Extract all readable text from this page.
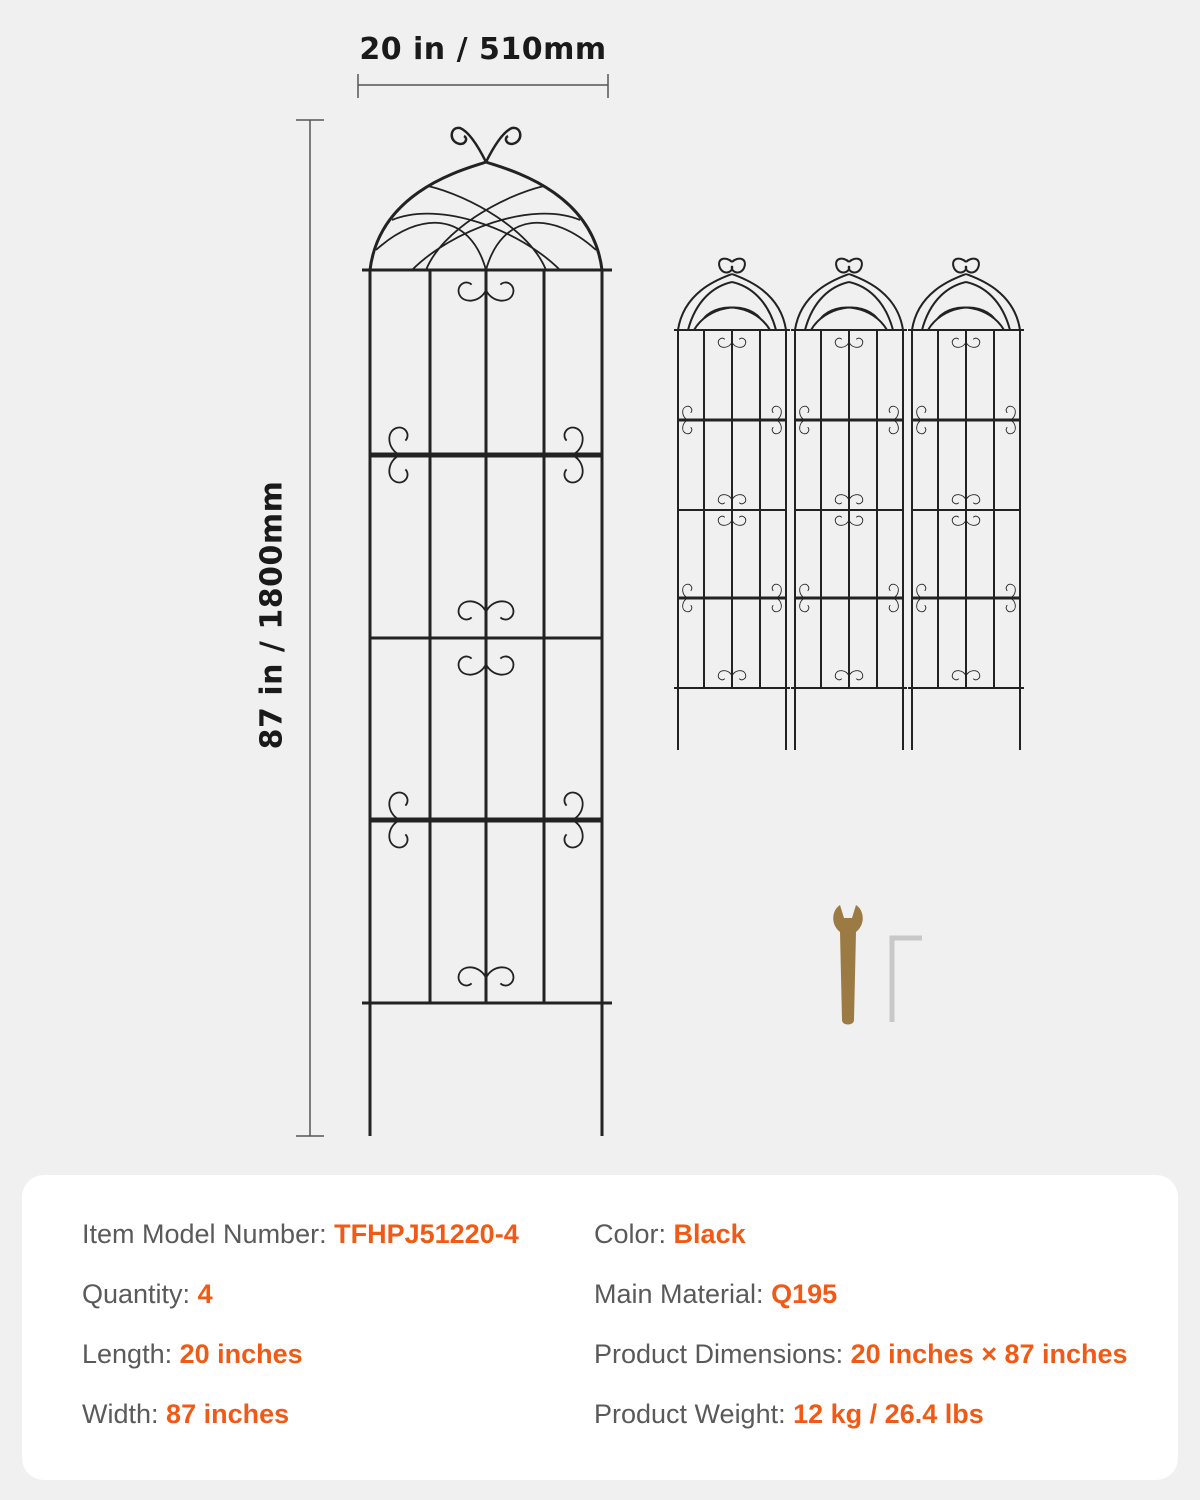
20 in / 510mm
87 in / 1800mm
Item Model Number: TFHPJ51220-4
Quantity: 4
Length: 20 inches
Width: 87 inches
Color: Black
Main Material: Q195
Product Dimensions: 20 inches × 87 inches
Product Weight: 12 kg / 26.4 lbs
